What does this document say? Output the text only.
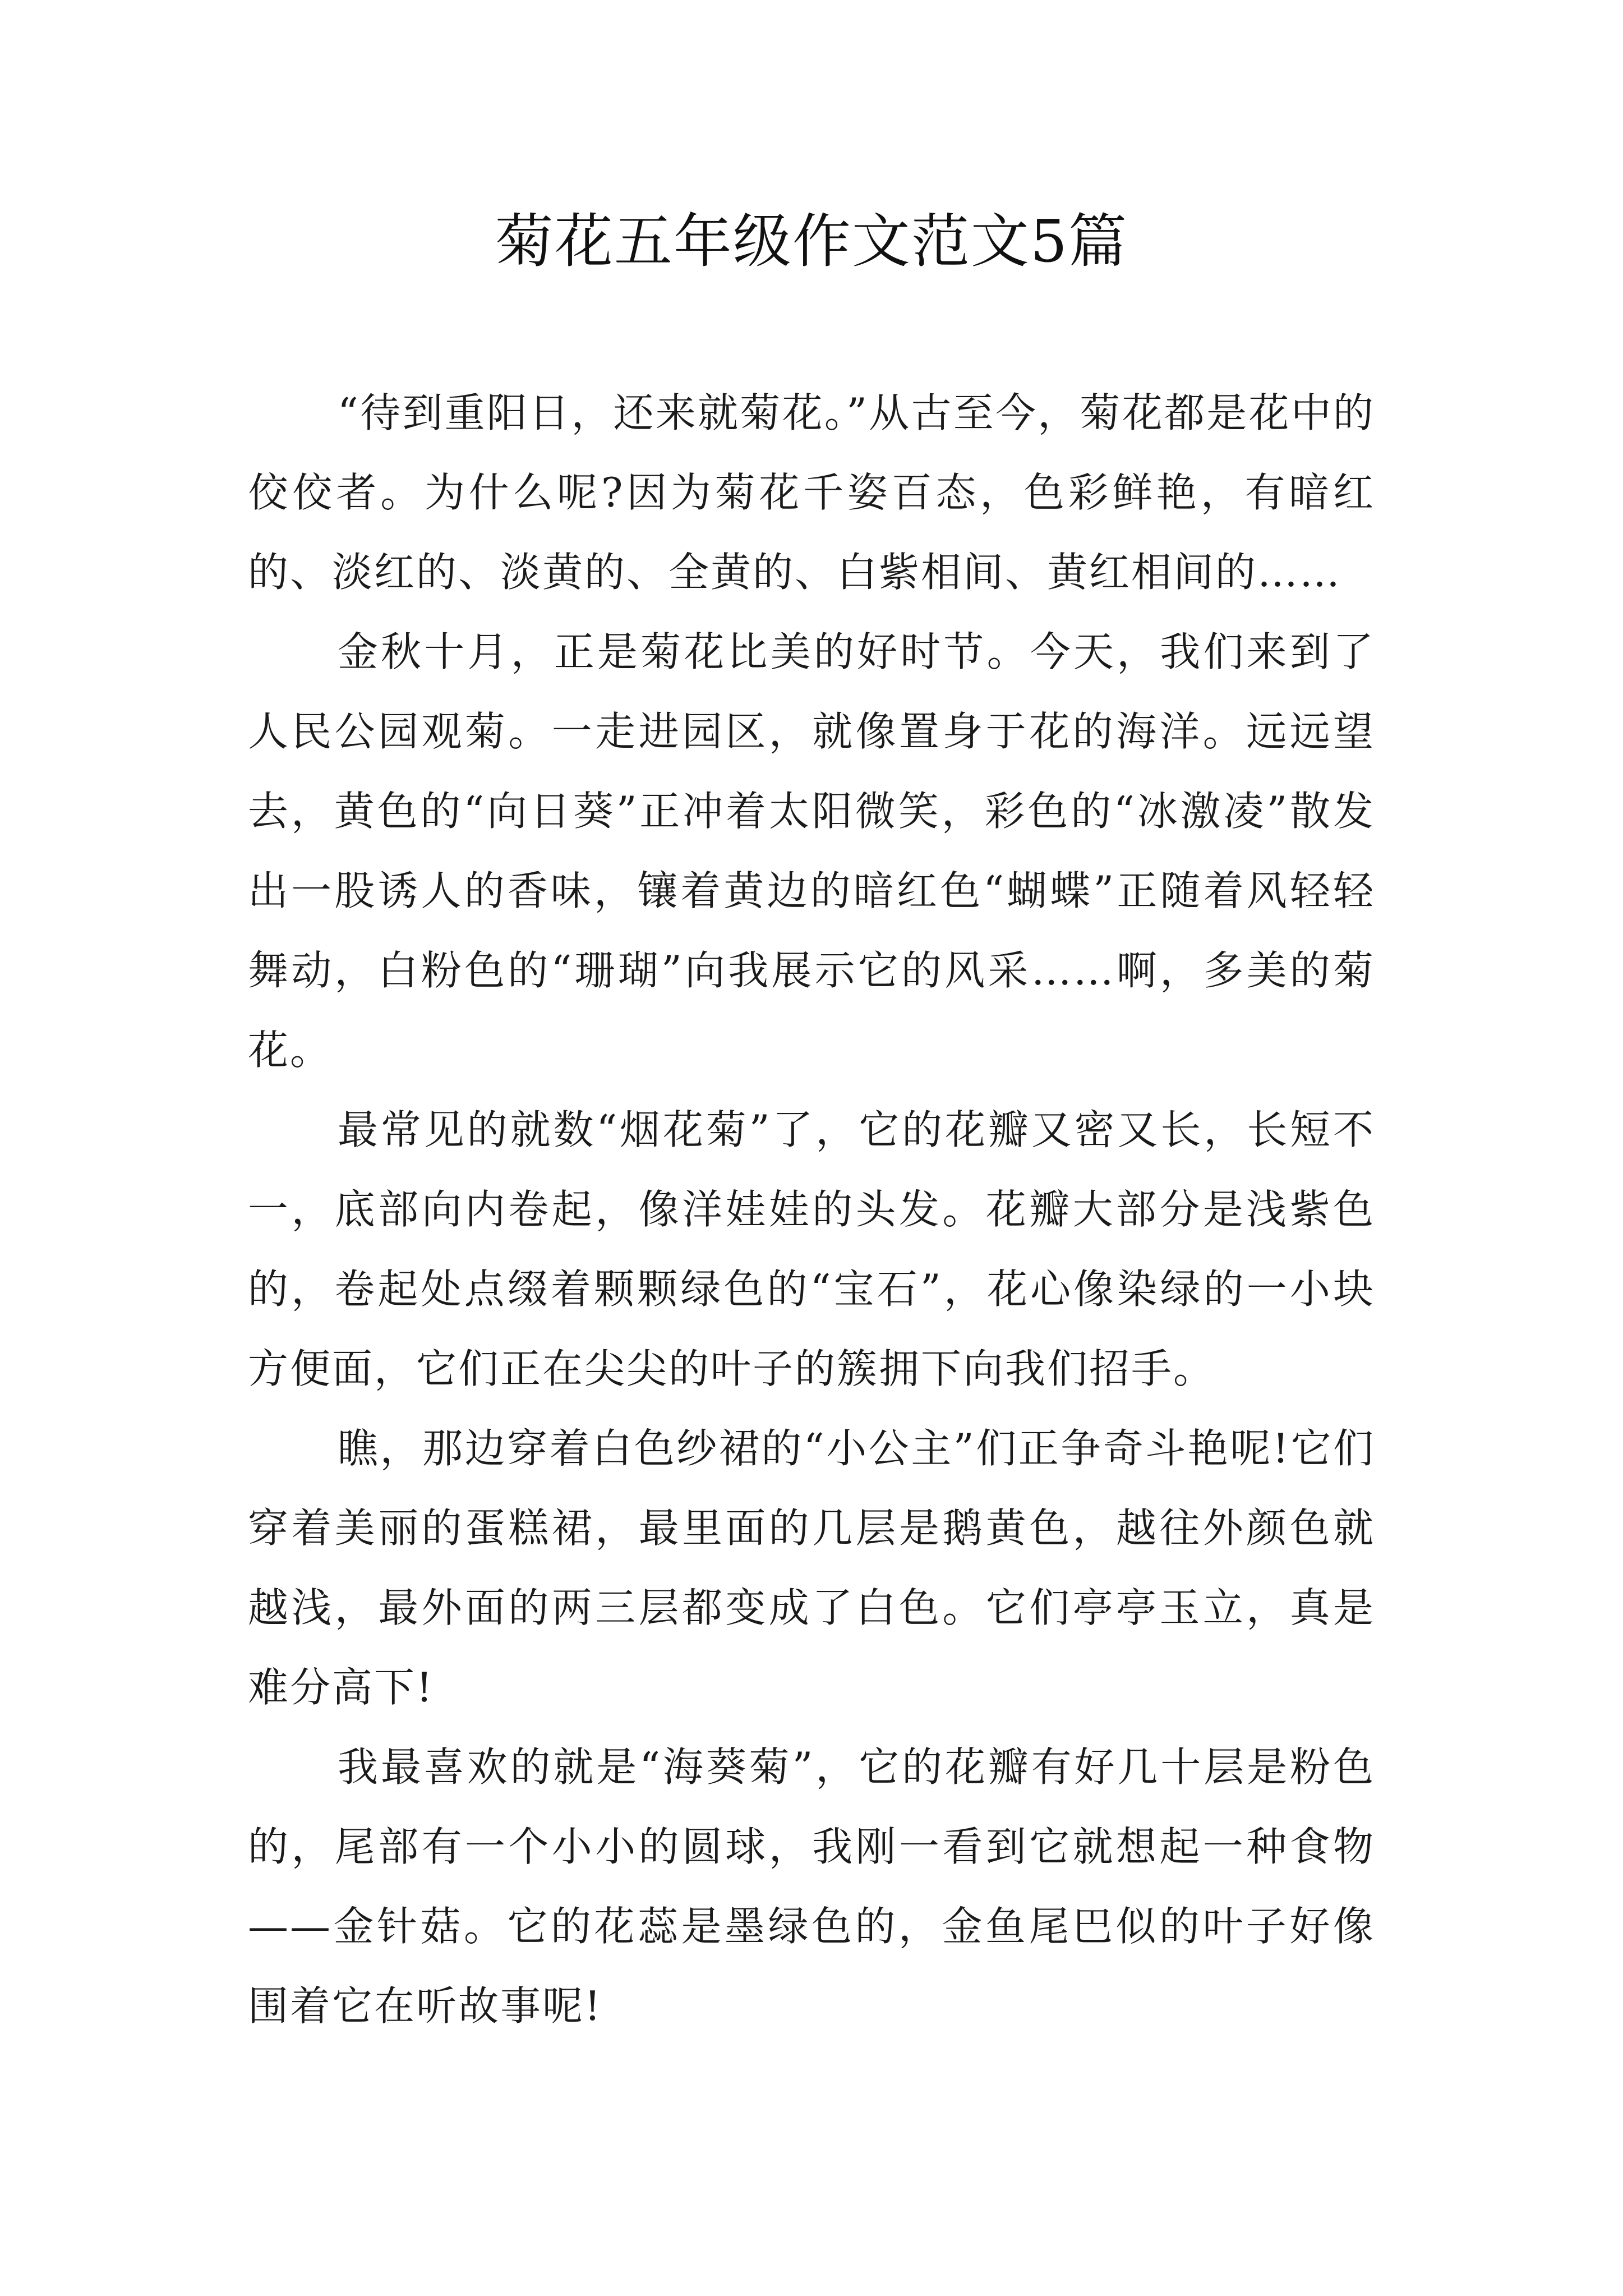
菊花五年级作文范文5篇

“待到重阳日，还来就菊花。”从古至今，菊花都是花中的佼佼者。为什么呢?因为菊花千姿百态，色彩鲜艳，有暗红的、淡红的、淡黄的、全黄的、白紫相间、黄红相间的……

金秋十月，正是菊花比美的好时节。今天，我们来到了人民公园观菊。一走进园区，就像置身于花的海洋。远远望去，黄色的“向日葵”正冲着太阳微笑，彩色的“冰激凌”散发出一股诱人的香味，镶着黄边的暗红色“蝴蝶”正随着风轻轻舞动，白粉色的“珊瑚”向我展示它的风采……啊，多美的菊花。

最常见的就数“烟花菊”了，它的花瓣又密又长，长短不一，底部向内卷起，像洋娃娃的头发。花瓣大部分是浅紫色的，卷起处点缀着颗颗绿色的“宝石”，花心像染绿的一小块方便面，它们正在尖尖的叶子的簇拥下向我们招手。

瞧，那边穿着白色纱裙的“小公主”们正争奇斗艳呢!它们穿着美丽的蛋糕裙，最里面的几层是鹅黄色，越往外颜色就越浅，最外面的两三层都变成了白色。它们亭亭玉立，真是难分高下!

我最喜欢的就是“海葵菊”，它的花瓣有好几十层是粉色的，尾部有一个小小的圆球，我刚一看到它就想起一种食物——金针菇。它的花蕊是墨绿色的，金鱼尾巴似的叶子好像围着它在听故事呢!
